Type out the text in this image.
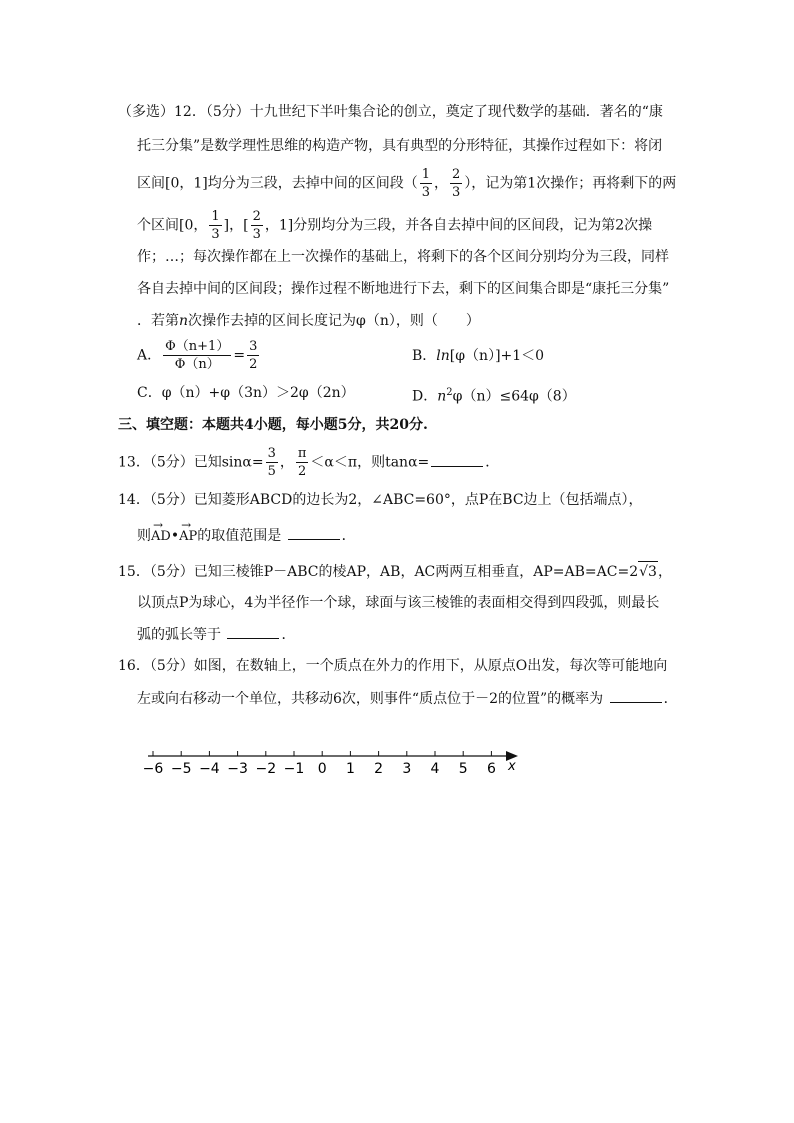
（多选）12．（5分）十九世纪下半叶集合论的创立，奠定了现代数学的基础．著名的“康
托三分集”是数学理性思维的构造产物，具有典型的分形特征，其操作过程如下：将闭
区间[0，1]均分为三段，去掉中间的区间段（ $\frac{1}{3}$ ， $\frac{2}{3}$ ），记为第1次操作；再将剩下的两
个区间[0， $\frac{1}{3}$ ]，[ $\frac{2}{3}$ ，1]分别均分为三段，并各自去掉中间的区间段，记为第2次操
作；…；每次操作都在上一次操作的基础上，将剩下的各个区间分别均分为三段，同样
各自去掉中间的区间段；操作过程不断地进行下去，剩下的区间集合即是“康托三分集”
．若第n次操作去掉的区间长度记为φ（n），则（　　）
A． $\frac{\Phi(n+1)}{\Phi(n)} = \frac{3}{2}$	B．ln[φ（n）]+1＜0
C．φ（n）+φ（3n）＞2φ（2n）	D．$n^2\varphi(n)\le 64\varphi(8)$
三、填空题：本题共4小题，每小题5分，共20分.
13．（5分）已知$\sin\alpha= \frac{3}{5}$ ， $\frac{\pi}{2} <\alpha<\pi$，则tanα=	．
14．（5分）已知菱形ABCD的边长为2，∠ABC=60°，点P在BC边上（包括端点），
则→ AD•→ AP的取值范围是	．
15．（5分）已知三棱锥P－ABC的棱AP，AB，AC两两互相垂直，AP=AB=AC=2√3，
以顶点P为球心，4为半径作一个球，球面与该三棱锥的表面相交得到四段弧，则最长
弧的弧长等于	．
16．（5分）如图，在数轴上，一个质点在外力的作用下，从原点O出发，每次等可能地向
左或向右移动一个单位，共移动6次，则事件“质点位于－2的位置”的概率为	．
−6 −5 −4 −3 −2 −1 0 1 2 3 4 5 6 x
